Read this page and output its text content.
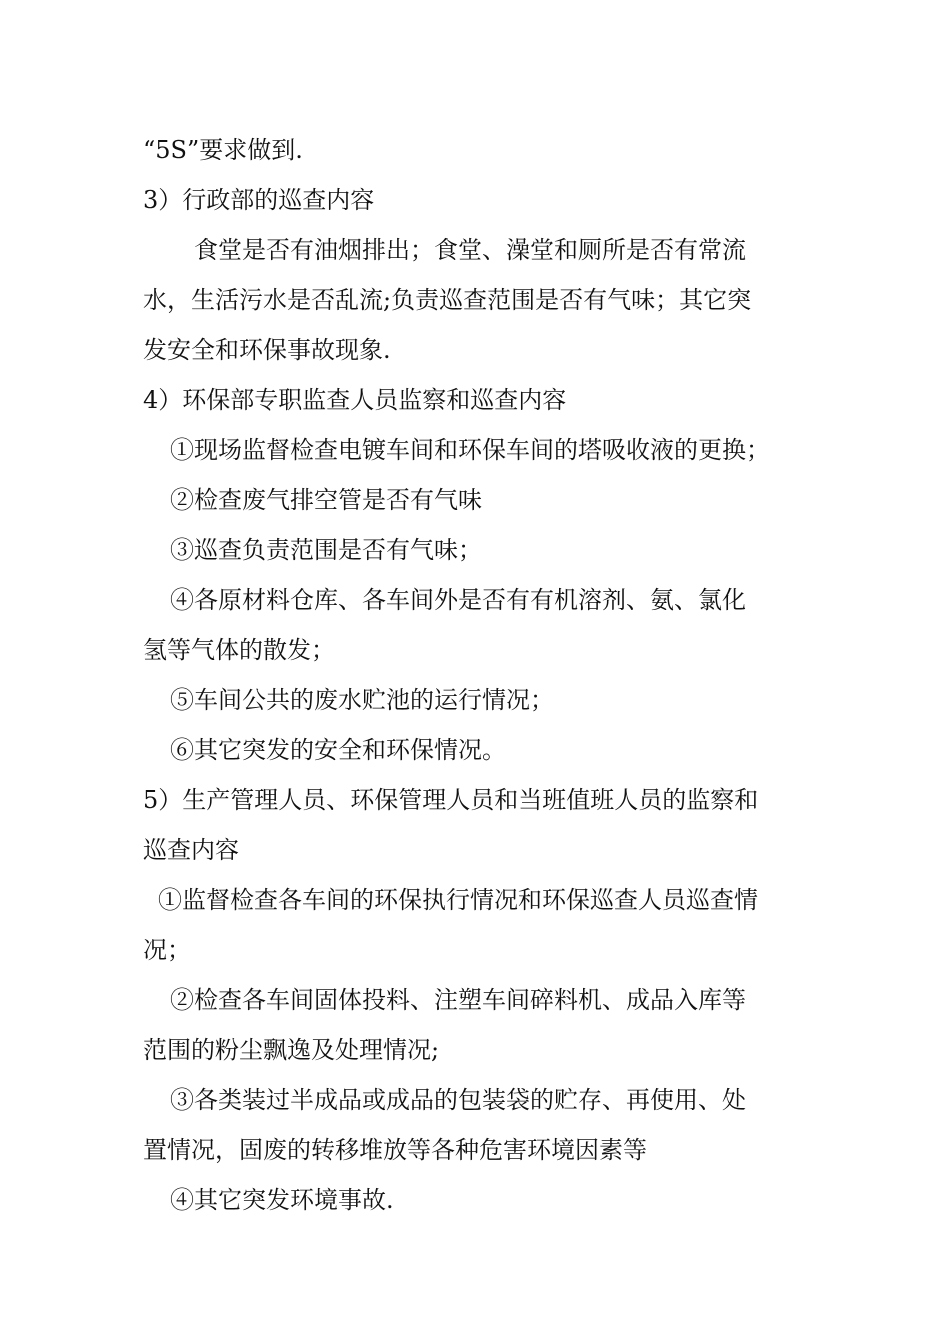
“5S”要求做到.
3）行政部的巡查内容
食堂是否有油烟排出；食堂、澡堂和厕所是否有常流
水，生活污水是否乱流;负责巡查范围是否有气味；其它突
发安全和环保事故现象.
4）环保部专职监查人员监察和巡查内容
①现场监督检查电镀车间和环保车间的塔吸收液的更换；
②检查废气排空管是否有气味
③巡查负责范围是否有气味；
④各原材料仓库、各车间外是否有有机溶剂、氨、氯化
氢等气体的散发；
⑤车间公共的废水贮池的运行情况；
⑥其它突发的安全和环保情况。
5）生产管理人员、环保管理人员和当班值班人员的监察和
巡查内容
①监督检查各车间的环保执行情况和环保巡查人员巡查情
况；
②检查各车间固体投料、注塑车间碎料机、成品入库等
范围的粉尘飘逸及处理情况;
③各类装过半成品或成品的包装袋的贮存、再使用、处
置情况，固废的转移堆放等各种危害环境因素等
④其它突发环境事故.
